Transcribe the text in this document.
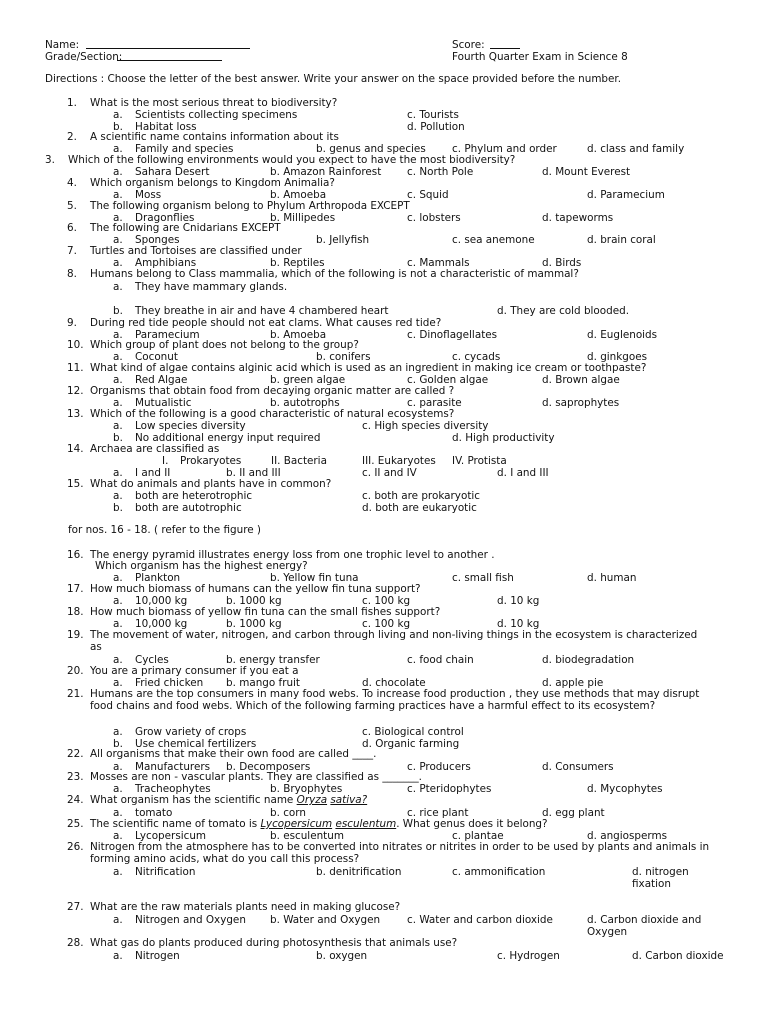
Name:	Score:
Grade/Section:	Fourth Quarter Exam in Science 8
Directions : Choose the letter of the best answer. Write your answer on the space provided before the number.
1. What is the most serious threat to biodiversity?
a. Scientists collecting specimens	c. Tourists
b. Habitat loss	d. Pollution
2. A scientific name contains information about its
a. Family and species	b. genus and species	c. Phylum and order	d. class and family
3. Which of the following environments would you expect to have the most biodiversity?
a. Sahara Desert	b. Amazon Rainforest c. North Pole	d. Mount Everest
4. Which organism belongs to Kingdom Animalia?
a. Moss	b. Amoeba	c. Squid	d. Paramecium
5. The following organism belong to Phylum Arthropoda EXCEPT
a. Dragonflies	b. Millipedes	c. lobsters	d. tapeworms
6. The following are Cnidarians EXCEPT
a. Sponges	b. Jellyfish	c. sea anemone	d. brain coral
7. Turtles and Tortoises are classified under
a. Amphibians	b. Reptiles	c. Mammals	d. Birds
8. Humans belong to Class mammalia, which of the following is not a characteristic of mammal?
a. They have mammary glands.
b. They breathe in air and have 4 chambered heart	d. They are cold blooded.
9. During red tide people should not eat clams. What causes red tide?
a. Paramecium	b. Amoeba	c. Dinoflagellates	d. Euglenoids
10. Which group of plant does not belong to the group?
a. Coconut	b. conifers	c. cycads	d. ginkgoes
11. What kind of algae contains alginic acid which is used as an ingredient in making ice cream or toothpaste?
a. Red Algae	b. green algae	c. Golden algae	d. Brown algae
12. Organisms that obtain food from decaying organic matter are called ?
a. Mutualistic	b. autotrophs	c. parasite	d. saprophytes
13. Which of the following is a good characteristic of natural ecosystems?
a. Low species diversity	c. High species diversity
b. No additional energy input required	d. High productivity
14. Archaea are classified as
I. Prokaryotes	II. Bacteria	III. Eukaryotes IV. Protista
a. I and II	b. II and III	c. II and IV	d. I and III
15. What do animals and plants have in common?
a. both are heterotrophic	c. both are prokaryotic
b. both are autotrophic	d. both are eukaryotic
16. The energy pyramid illustrates energy loss from one trophic level to another .
Which organism has the highest energy?
a. Plankton	b. Yellow fin tuna	c. small fish	d. human
17. How much biomass of humans can the yellow fin tuna support?
a. 10,000 kg	b. 1000 kg	c. 100 kg	d. 10 kg
18. How much biomass of yellow fin tuna can the small fishes support?
a. 10,000 kg	b. 1000 kg	c. 100 kg	d. 10 kg
19. The movement of water, nitrogen, and carbon through living and non-living things in the ecosystem is characterized as
a. Cycles	b. energy transfer	c. food chain	d. biodegradation
20. You are a primary consumer if you eat a
a. Fried chicken b. mango fruit	d. chocolate	d. apple pie
21. Humans are the top consumers in many food webs. To increase food production , they use methods that may disrupt food chains and food webs. Which of the following farming practices have a harmful effect to its ecosystem?
a. Grow variety of crops	c. Biological control
b. Use chemical fertilizers	d. Organic farming
22. All organisms that make their own food are called ____.
a. Manufacturers b. Decomposers	c. Producers	d. Consumers
23. Mosses are non - vascular plants. They are classified as _______.
a. Tracheophytes	b. Bryophytes	c. Pteridophytes	d. Mycophytes
24. What organism has the scientific name Oryza sativa?
a. tomato	b. corn	c. rice plant	d. egg plant
25. The scientific name of tomato is Lycopersicum esculentum. What genus does it belong?
a. Lycopersicum	b. esculentum	c. plantae	d. angiosperms
26. Nitrogen from the atmosphere has to be converted into nitrates or nitrites in order to be used by plants and animals in forming amino acids, what do you call this process?
a. Nitrification	b. denitrification	c. ammonification	d. nitrogen fixation
27. What are the raw materials plants need in making glucose?
a. Nitrogen and Oxygen b. Water and Oxygen	c. Water and carbon dioxide	d. Carbon dioxide and Oxygen
28. What gas do plants produced during photosynthesis that animals use?
a. Nitrogen	b. oxygen	c. Hydrogen	d. Carbon dioxide
for nos. 16 - 18. ( refer to the figure )
